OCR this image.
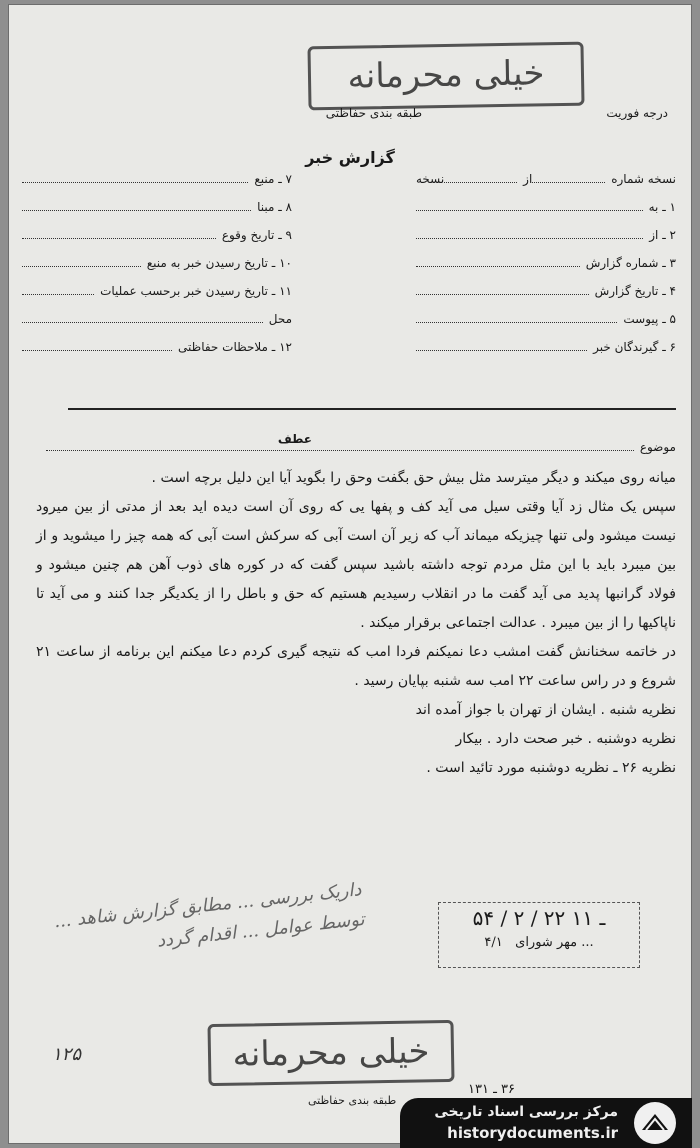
خیلی محرمانه
طبقه بندی حفاظتی	درجه فوریت
گزارش خبر
نسخه شماره
از
نسخه
۱ ـ به
۲ ـ از
۳ ـ شماره گزارش
۴ ـ تاریخ گزارش
۵ ـ پیوست
۶ ـ گیرندگان خبر
۷ ـ منبع
۸ ـ مبنا
۹ ـ تاریخ وقوع
۱۰ ـ تاریخ رسیدن خبر به منبع
۱۱ ـ تاریخ رسیدن خبر برحسب عملیات
محل
۱۲ ـ ملاحظات حفاظتی
عطف
موضوع

میانه روی میکند و دیگر میترسد مثل بیش حق بگفت وحق را بگوید آیا این دلیل برچه است .

سپس یک مثال زد آیا وقتی سیل می آید کف و پفها یی که روی آن است دیده اید بعد از مدتی از بین میرود نیست میشود ولی تنها چیزیکه میماند آب که زیر آن است آبی که سرکش است آبی که همه چیز را میشوید و از بین میبرد باید با این مثل مردم توجه داشته باشید سپس گفت که در کوره های ذوب آهن هم چنین میشود و فولاد گرانبها پدید می آید گفت ما در انقلاب رسیدیم هستیم که حق و باطل را از یکدیگر جدا کنند و می آید تا ناپاکیها را از بین میبرد . عدالت اجتماعی برقرار میکند .

در خاتمه سخنانش گفت امشب دعا نمیکنم فردا امب که نتیجه گیری کردم دعا میکنم این برنامه از ساعت ۲۱ شروع و در راس ساعت ۲۲ امب سه شنبه بپایان رسید .

نظریه شنبه . ایشان از تهران با جواز آمده اند

نظریه دوشنبه . خبر صحت دارد . بیکار

نظریه ۲۶ ـ نظریه دوشنبه مورد تائید است .

داریک بررسی ... مطابق گزارش شاهد ... توسط عوامل ... اقدام گردد
۱۲۵
۵۴ / ۲ / ۲۲ ـ ۱۱
۴/۱ مهر شورای ...
خیلی محرمانه
طبقه بندی حفاظتی
۳۶ ـ ۱۳۱
مرکز بررسی اسناد تاریخی
historydocuments.ir
